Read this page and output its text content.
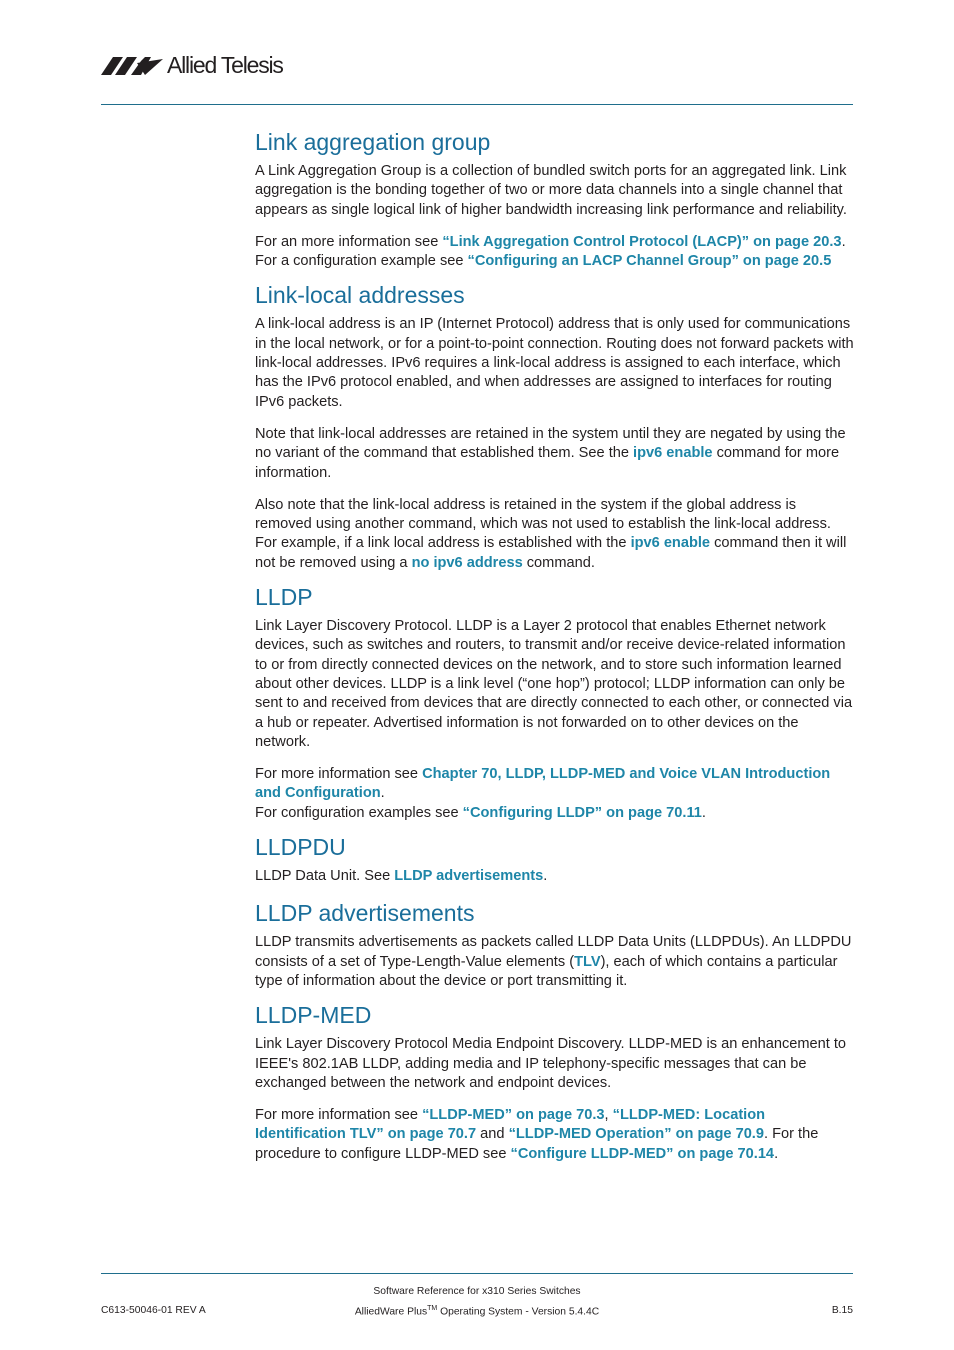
Allied Telesis
Link aggregation group

A Link Aggregation Group is a collection of bundled switch ports for an aggregated link. Link aggregation is the bonding together of two or more data channels into a single channel that appears as single logical link of higher bandwidth increasing link performance and reliability.

For an more information see “Link Aggregation Control Protocol (LACP)” on page 20.3.
For a configuration example see “Configuring an LACP Channel Group” on page 20.5

Link-local addresses

A link-local address is an IP (Internet Protocol) address that is only used for communications in the local network, or for a point-to-point connection. Routing does not forward packets with link-local addresses. IPv6 requires a link-local address is assigned to each interface, which has the IPv6 protocol enabled, and when addresses are assigned to interfaces for routing IPv6 packets.

Note that link-local addresses are retained in the system until they are negated by using the no variant of the command that established them. See the ipv6 enable command for more information.

Also note that the link-local address is retained in the system if the global address is removed using another command, which was not used to establish the link-local address. For example, if a link local address is established with the ipv6 enable command then it will not be removed using a no ipv6 address command.

LLDP

Link Layer Discovery Protocol. LLDP is a Layer 2 protocol that enables Ethernet network devices, such as switches and routers, to transmit and/or receive device-related information to or from directly connected devices on the network, and to store such information learned about other devices. LLDP is a link level (“one hop”) protocol; LLDP information can only be sent to and received from devices that are directly connected to each other, or connected via a hub or repeater. Advertised information is not forwarded on to other devices on the network.

For more information see Chapter 70, LLDP, LLDP-MED and Voice VLAN Introduction and Configuration.
For configuration examples see “Configuring LLDP” on page 70.11.

LLDPDU

LLDP Data Unit. See LLDP advertisements.

LLDP advertisements

LLDP transmits advertisements as packets called LLDP Data Units (LLDPDUs). An LLDPDU consists of a set of Type-Length-Value elements (TLV), each of which contains a particular type of information about the device or port transmitting it.

LLDP-MED

Link Layer Discovery Protocol Media Endpoint Discovery. LLDP-MED is an enhancement to IEEE's 802.1AB LLDP, adding media and IP telephony-specific messages that can be exchanged between the network and endpoint devices.

For more information see “LLDP-MED” on page 70.3, “LLDP-MED: Location Identification TLV” on page 70.7 and “LLDP-MED Operation” on page 70.9. For the procedure to configure LLDP-MED see “Configure LLDP-MED” on page 70.14.

Software Reference for x310 Series Switches
C613-50046-01 REV A	AlliedWare Plus™ Operating System - Version 5.4.4C	B.15
